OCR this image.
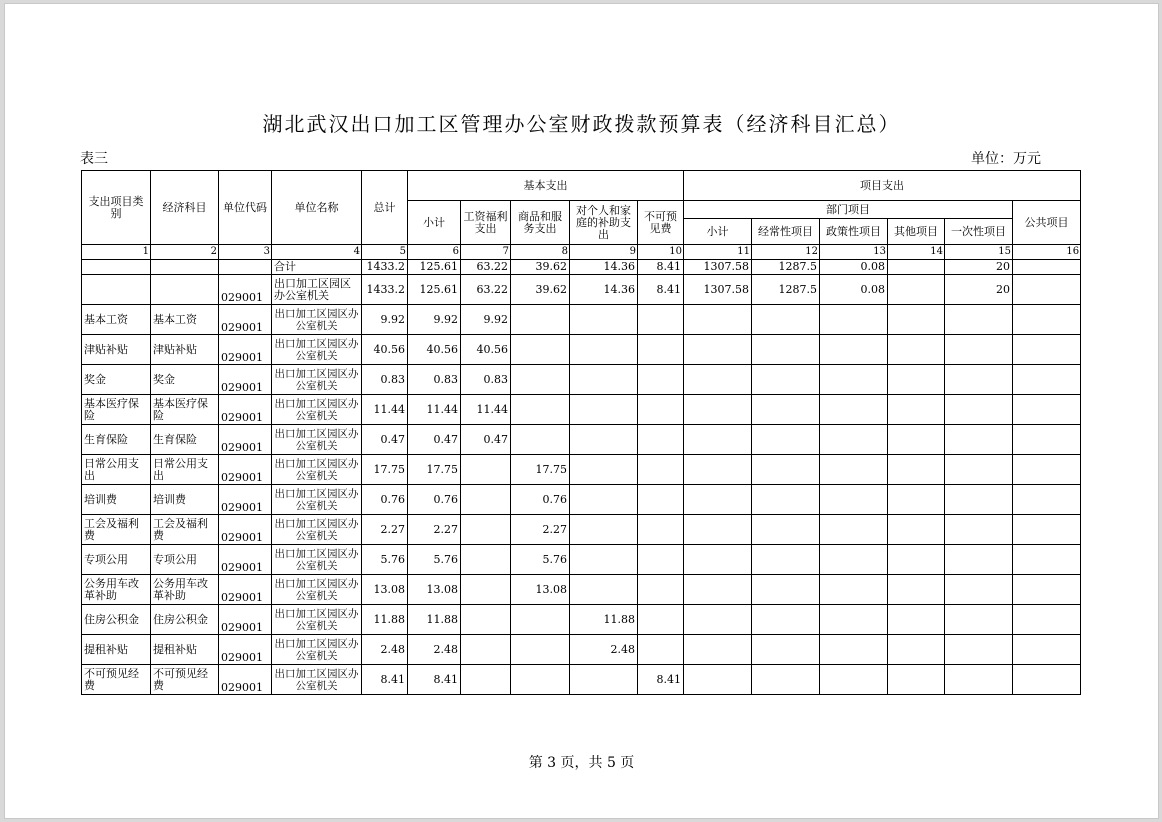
湖北武汉出口加工区管理办公室财政拨款预算表（经济科目汇总）
表三	单位：万元
支出项目类别	经济科目	单位代码	单位名称	总计	基本支出					项目支出					
					小计	工资福利支出	商品和服务支出	对个人和家庭的补助支出	不可预见费	部门项目					公共项目
										小计	经常性项目	政策性项目	其他项目	一次性项目	
1	2	3	4	5	6	7	8	9	10	11	12	13	14	15	16
			合计	1433.2	125.61	63.22	39.62	14.36	8.41	1307.58	1287.5	0.08		20	
		029001	出口加工区园区办公室机关	1433.2	125.61	63.22	39.62	14.36	8.41	1307.58	1287.5	0.08		20	
基本工资	基本工资	029001	出口加工区园区办公室机关	9.92	9.92	9.92									
津贴补贴	津贴补贴	029001	出口加工区园区办公室机关	40.56	40.56	40.56									
奖金	奖金	029001	出口加工区园区办公室机关	0.83	0.83	0.83									
基本医疗保险	基本医疗保险	029001	出口加工区园区办公室机关	11.44	11.44	11.44									
生育保险	生育保险	029001	出口加工区园区办公室机关	0.47	0.47	0.47									
日常公用支出	日常公用支出	029001	出口加工区园区办公室机关	17.75	17.75		17.75								
培训费	培训费	029001	出口加工区园区办公室机关	0.76	0.76		0.76								
工会及福利费	工会及福利费	029001	出口加工区园区办公室机关	2.27	2.27		2.27								
专项公用	专项公用	029001	出口加工区园区办公室机关	5.76	5.76		5.76								
公务用车改革补助	公务用车改革补助	029001	出口加工区园区办公室机关	13.08	13.08		13.08								
住房公积金	住房公积金	029001	出口加工区园区办公室机关	11.88	11.88			11.88							
提租补贴	提租补贴	029001	出口加工区园区办公室机关	2.48	2.48			2.48							
不可预见经费	不可预见经费	029001	出口加工区园区办公室机关	8.41	8.41				8.41						
第 3 页，共 5 页
